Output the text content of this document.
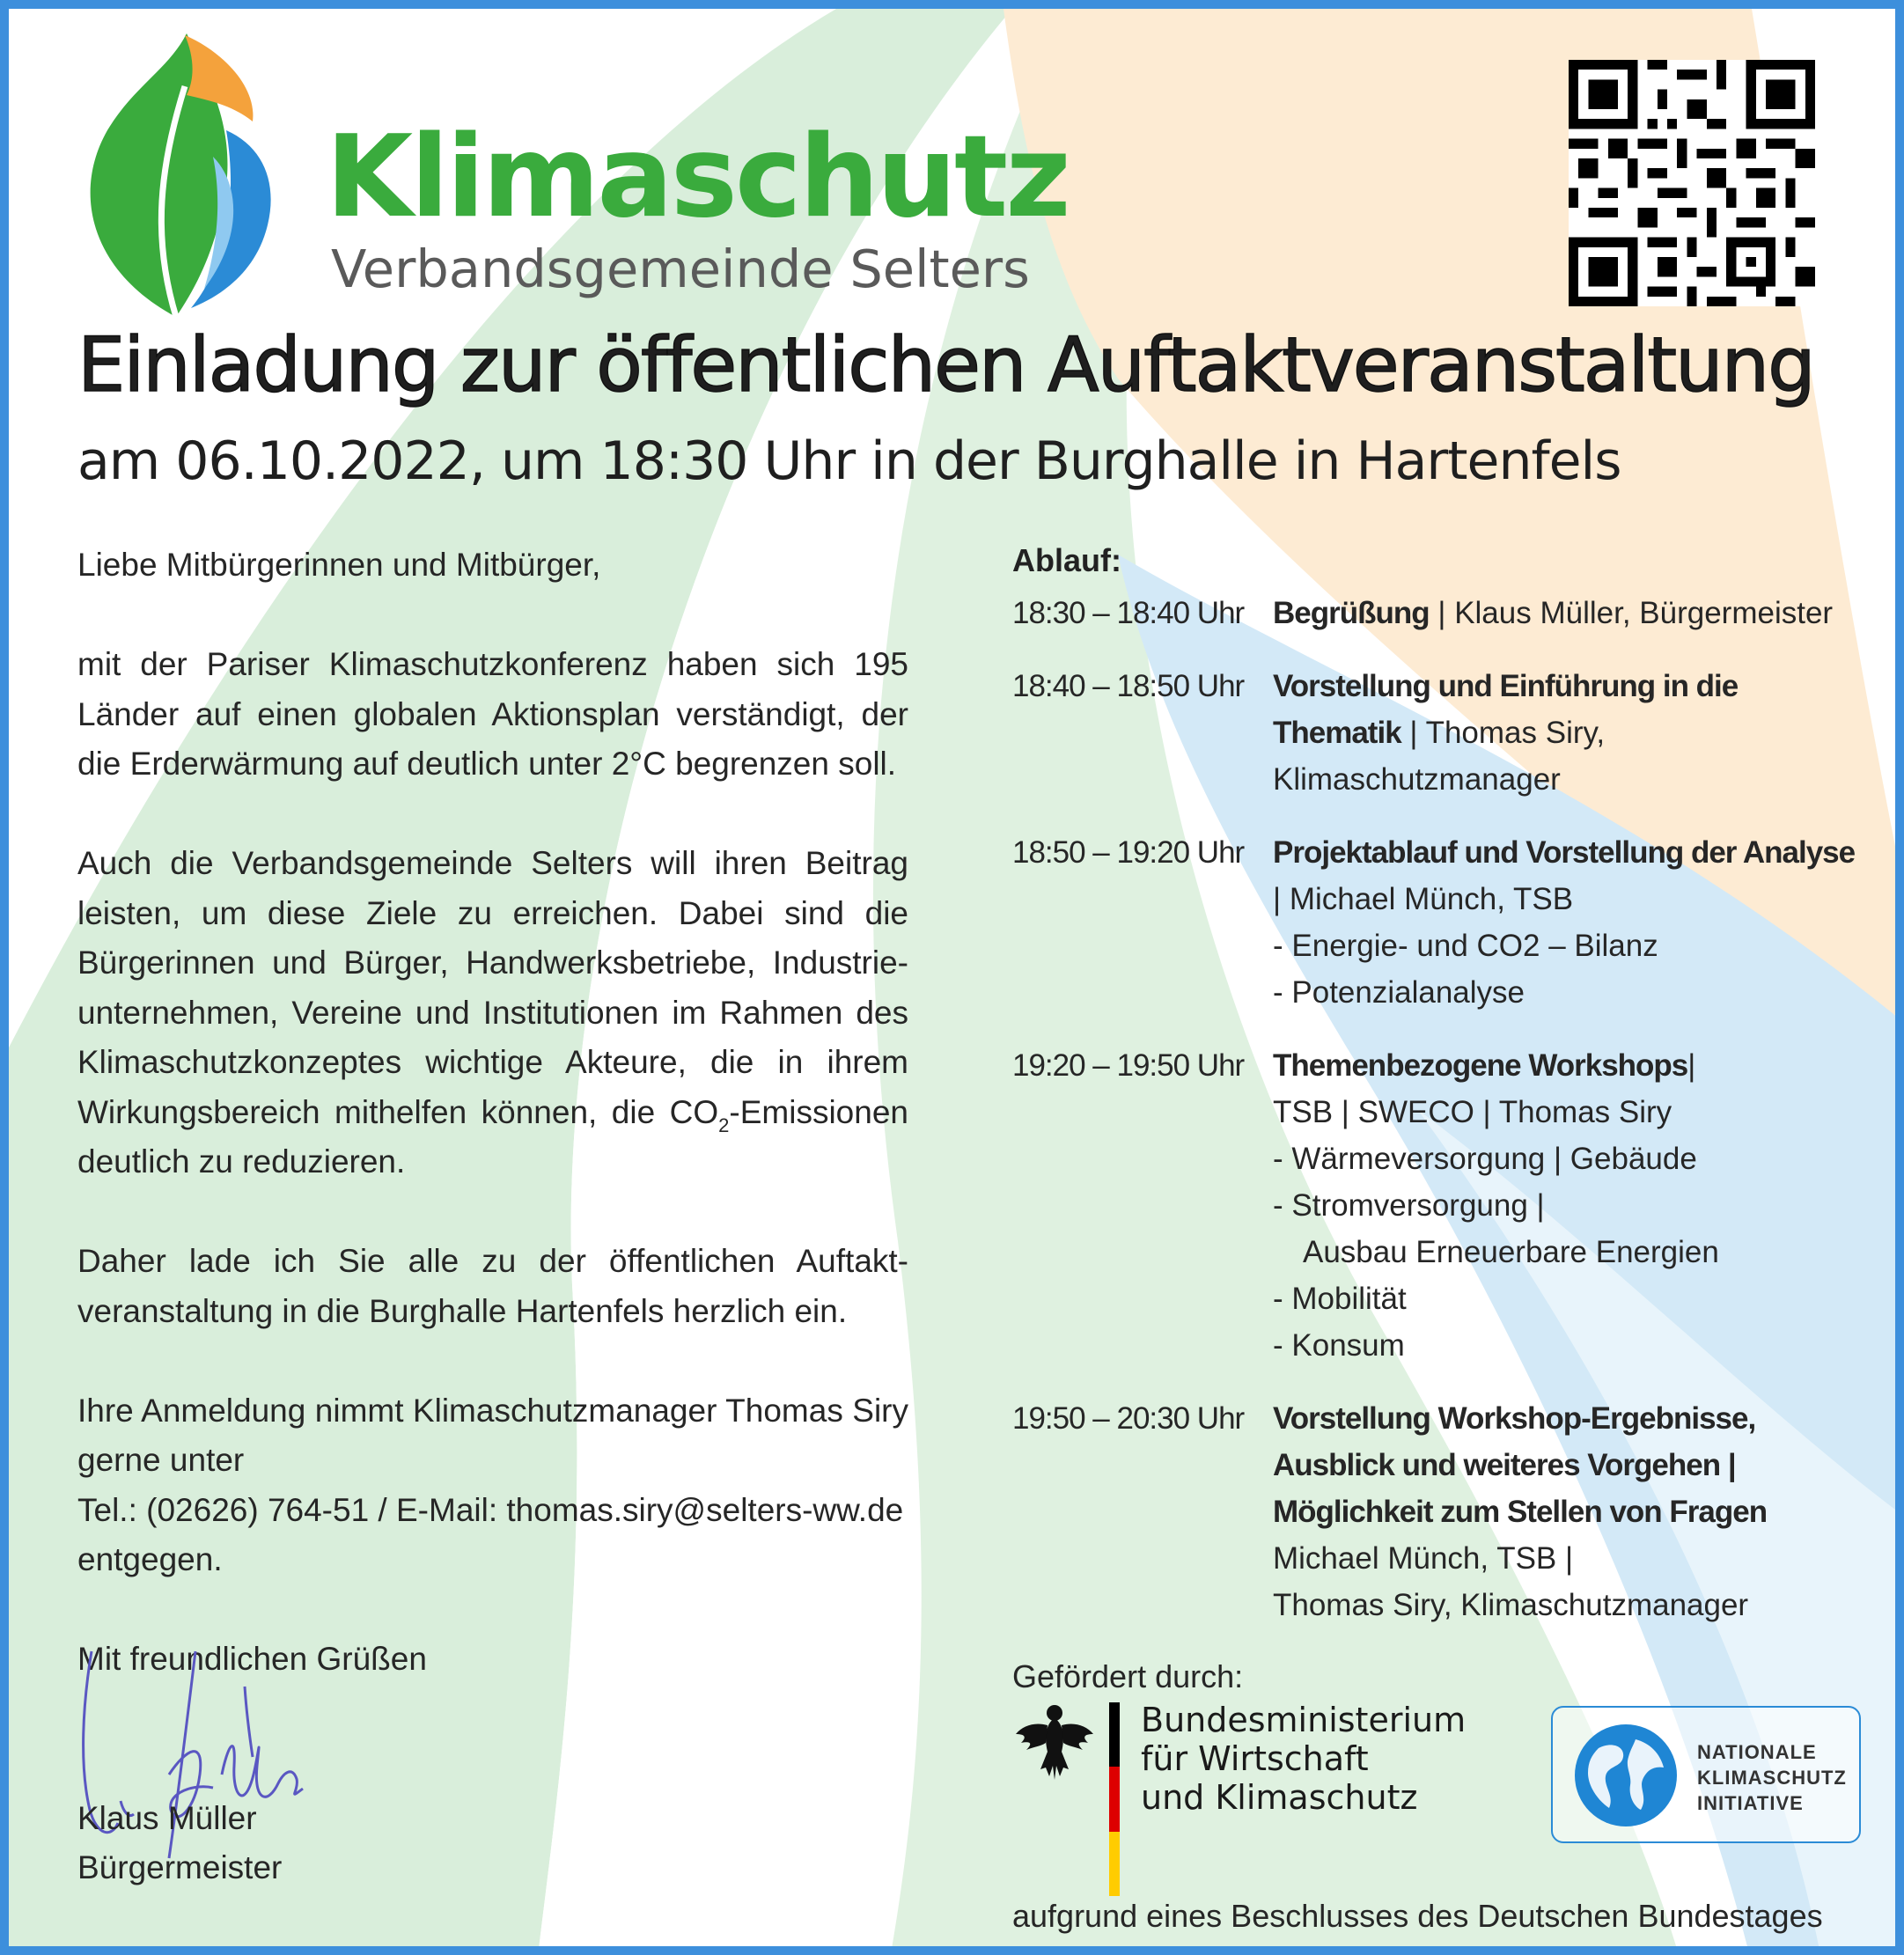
Klimaschutz
Verbandsgemeinde Selters
Einladung zur öffentlichen Auftaktveranstaltung
am 06.10.2022, um 18:30 Uhr in der Burghalle in Hartenfels

Liebe Mitbürgerinnen und Mitbürger,

mit der Pariser Klimaschutzkonferenz haben sich 195 Länder auf einen globalen Aktionsplan verständigt, der die Erderwärmung auf deutlich unter 2°C begrenzen soll.

Auch die Verbandsgemeinde Selters will ihren Beitrag leisten, um diese Ziele zu erreichen. Dabei sind die Bürgerinnen und Bürger, Handwerksbetriebe, Industrie-unternehmen, Vereine und Institutionen im Rahmen des Klimaschutzkonzeptes wichtige Akteure, die in ihrem Wirkungsbereich mithelfen können, die $CO_2$-Emissionen deutlich zu reduzieren.

Daher lade ich Sie alle zu der öffentlichen Auftakt-veranstaltung in die Burghalle Hartenfels herzlich ein.

Ihre Anmeldung nimmt Klimaschutzmanager Thomas Siry gerne unter
Tel.: (02626) 764-51 / E-Mail: thomas.siry@selters-ww.de
entgegen.

Mit freundlichen Grüßen

Klaus Müller
Bürgermeister
Ablauf:
18:30 – 18:40 Uhr Begrüßung | Klaus Müller, Bürgermeister
18:40 – 18:50 Uhr Vorstellung und Einführung in die Thematik | Thomas Siry, Klimaschutzmanager
18:50 – 19:20 Uhr Projektablauf und Vorstellung der Analyse | Michael Münch, TSB
- Energie- und CO2 – Bilanz
- Potenzialanalyse
19:20 – 19:50 Uhr Themenbezogene Workshops|
TSB | SWECO | Thomas Siry
- Wärmeversorgung | Gebäude
- Stromversorgung |
Ausbau Erneuerbare Energien
- Mobilität
- Konsum
19:50 – 20:30 Uhr Vorstellung Workshop-Ergebnisse, Ausblick und weiteres Vorgehen | Möglichkeit zum Stellen von Fragen
Michael Münch, TSB |
Thomas Siry, Klimaschutzmanager
Gefördert durch:
Bundesministerium
für Wirtschaft
und Klimaschutz
NATIONALE
KLIMASCHUTZ
INITIATIVE
aufgrund eines Beschlusses des Deutschen Bundestages
